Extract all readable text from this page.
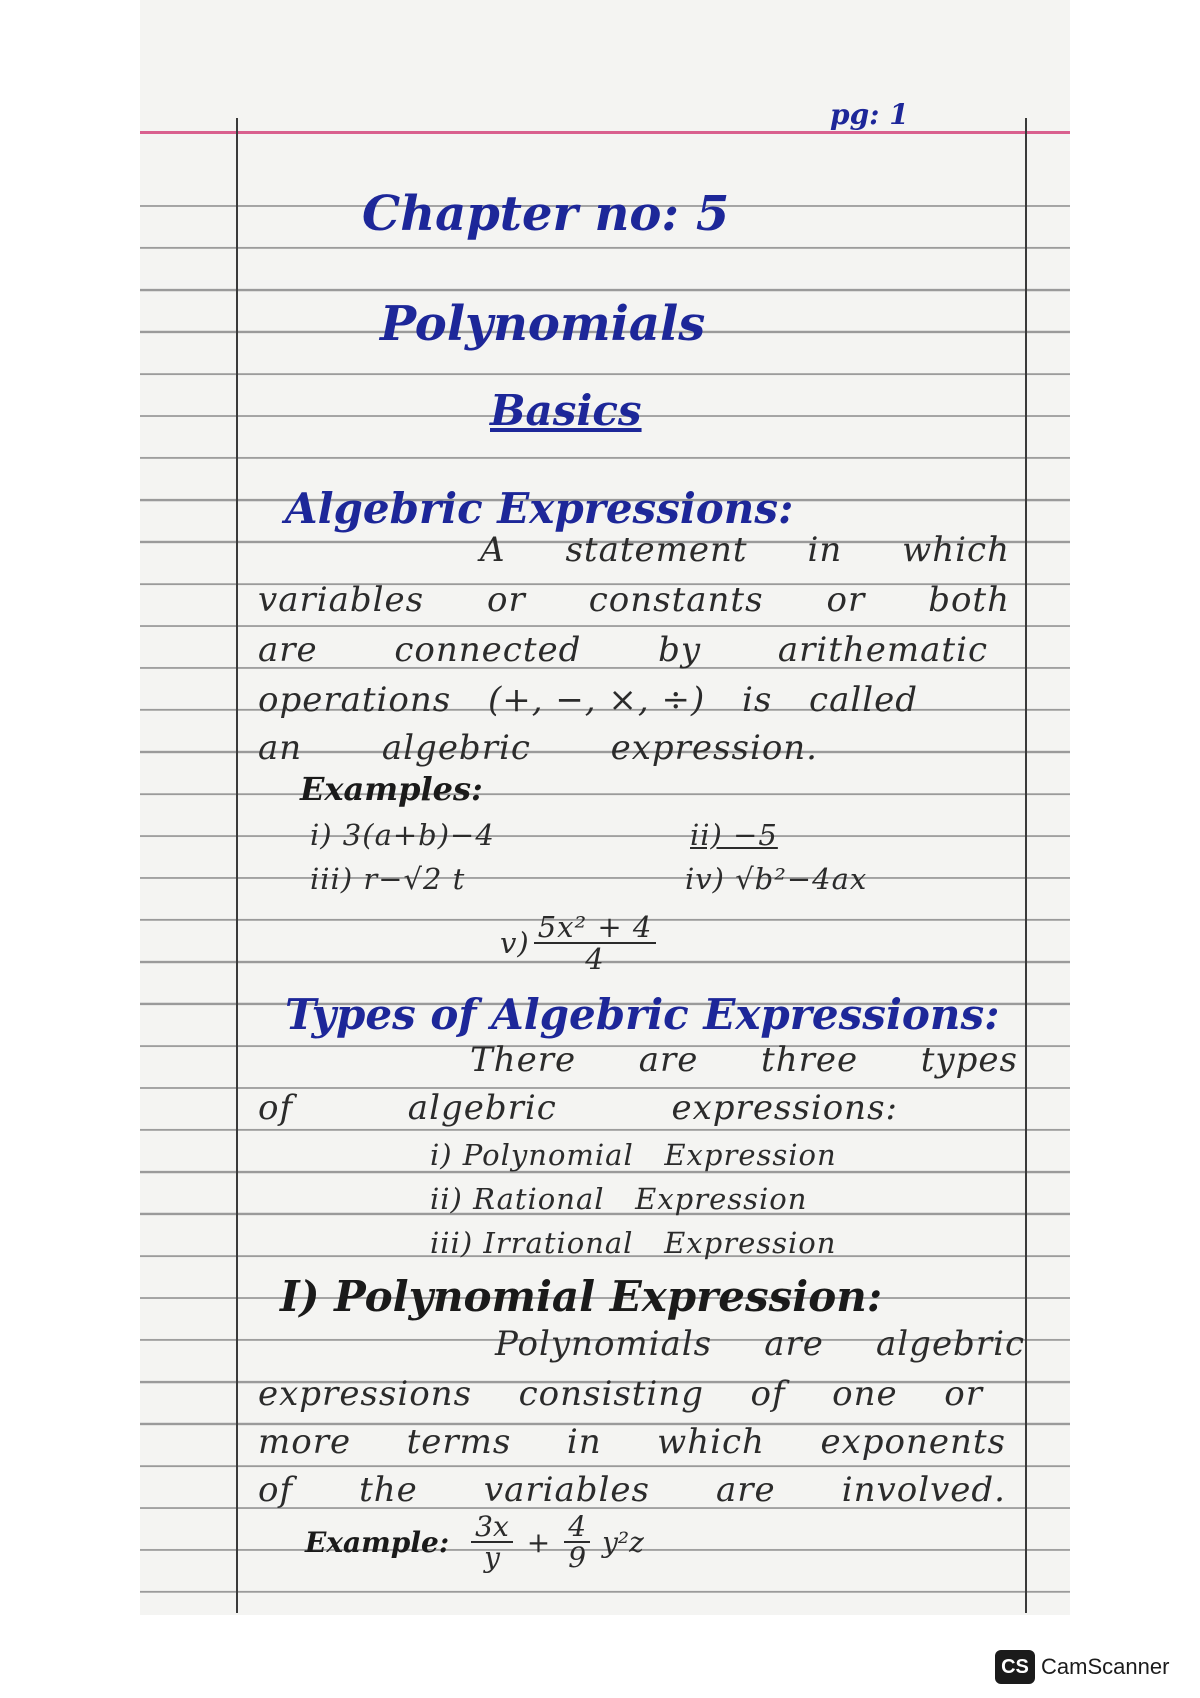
pg: 1

Chapter no: 5

Polynomials

Basics

Algebric Expressions:

A statement in which
variables or constants or both
are connected by arithematic
operations (+, −, ×, ÷) is called
an algebric expression.

Examples:

i) 3(a+b)−4	ii) −5

iii) r−√2 t	iv) √b²−4ax

$v) \frac{\text{5x² + 4}}{4}$

Types of Algebric Expressions:

There are three types
of	algebric	expressions:

i) Polynomial   Expression

ii) Rational   Expression

iii) Irrational   Expression

I) Polynomial Expression:

Polynomials are algebric
expressions consisting of one or
more terms in which exponents
of the variables are involved.
Example: $\frac{3x}{y} + \frac{4}{9} y^2z$
CS CamScanner
